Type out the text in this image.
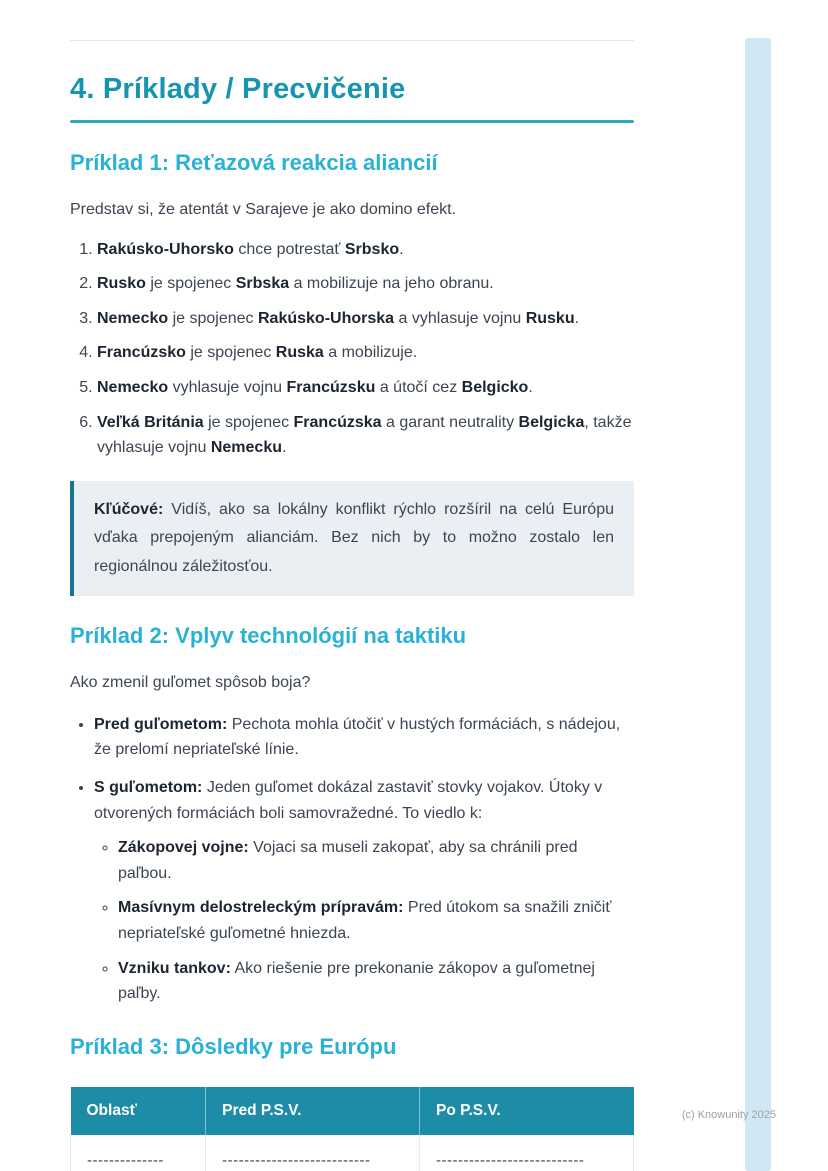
4. Príklady / Precvičenie
Príklad 1: Reťazová reakcia aliancií

Predstav si, že atentát v Sarajeve je ako domino efekt.

1. Rakúsko-Uhorsko chce potrestať Srbsko.
2. Rusko je spojenec Srbska a mobilizuje na jeho obranu.
3. Nemecko je spojenec Rakúsko-Uhorska a vyhlasuje vojnu Rusku.
4. Francúzsko je spojenec Ruska a mobilizuje.
5. Nemecko vyhlasuje vojnu Francúzsku a útočí cez Belgicko.
6. Veľká Británia je spojenec Francúzska a garant neutrality Belgicka, takže vyhlasuje vojnu Nemecku.

Kľúčové: Vidíš, ako sa lokálny konflikt rýchlo rozšíril na celú Európu vďaka prepojeným alianciám. Bez nich by to možno zostalo len regionálnou záležitosťou.

Príklad 2: Vplyv technológií na taktiku

Ako zmenil guľomet spôsob boja?

• Pred guľometom: Pechota mohla útočiť v hustých formáciách, s nádejou, že prelomí nepriateľské línie.
• S guľometom: Jeden guľomet dokázal zastaviť stovky vojakov. Útoky v otvorených formáciách boli samovražedné. To viedlo k:
◦ Zákopovej vojne: Vojaci sa museli zakopať, aby sa chránili pred paľbou.
◦ Masívnym delostreleckým prípravám: Pred útokom sa snažili zničiť nepriateľské guľometné hniezda.
◦ Vzniku tankov: Ako riešenie pre prekonanie zákopov a guľometnej paľby.
Príklad 3: Dôsledky pre Európu
Oblasť	Pred P.S.V.	Po P.S.V.
--------------	---------------------------	---------------------------
(c) Knowunity 2025
